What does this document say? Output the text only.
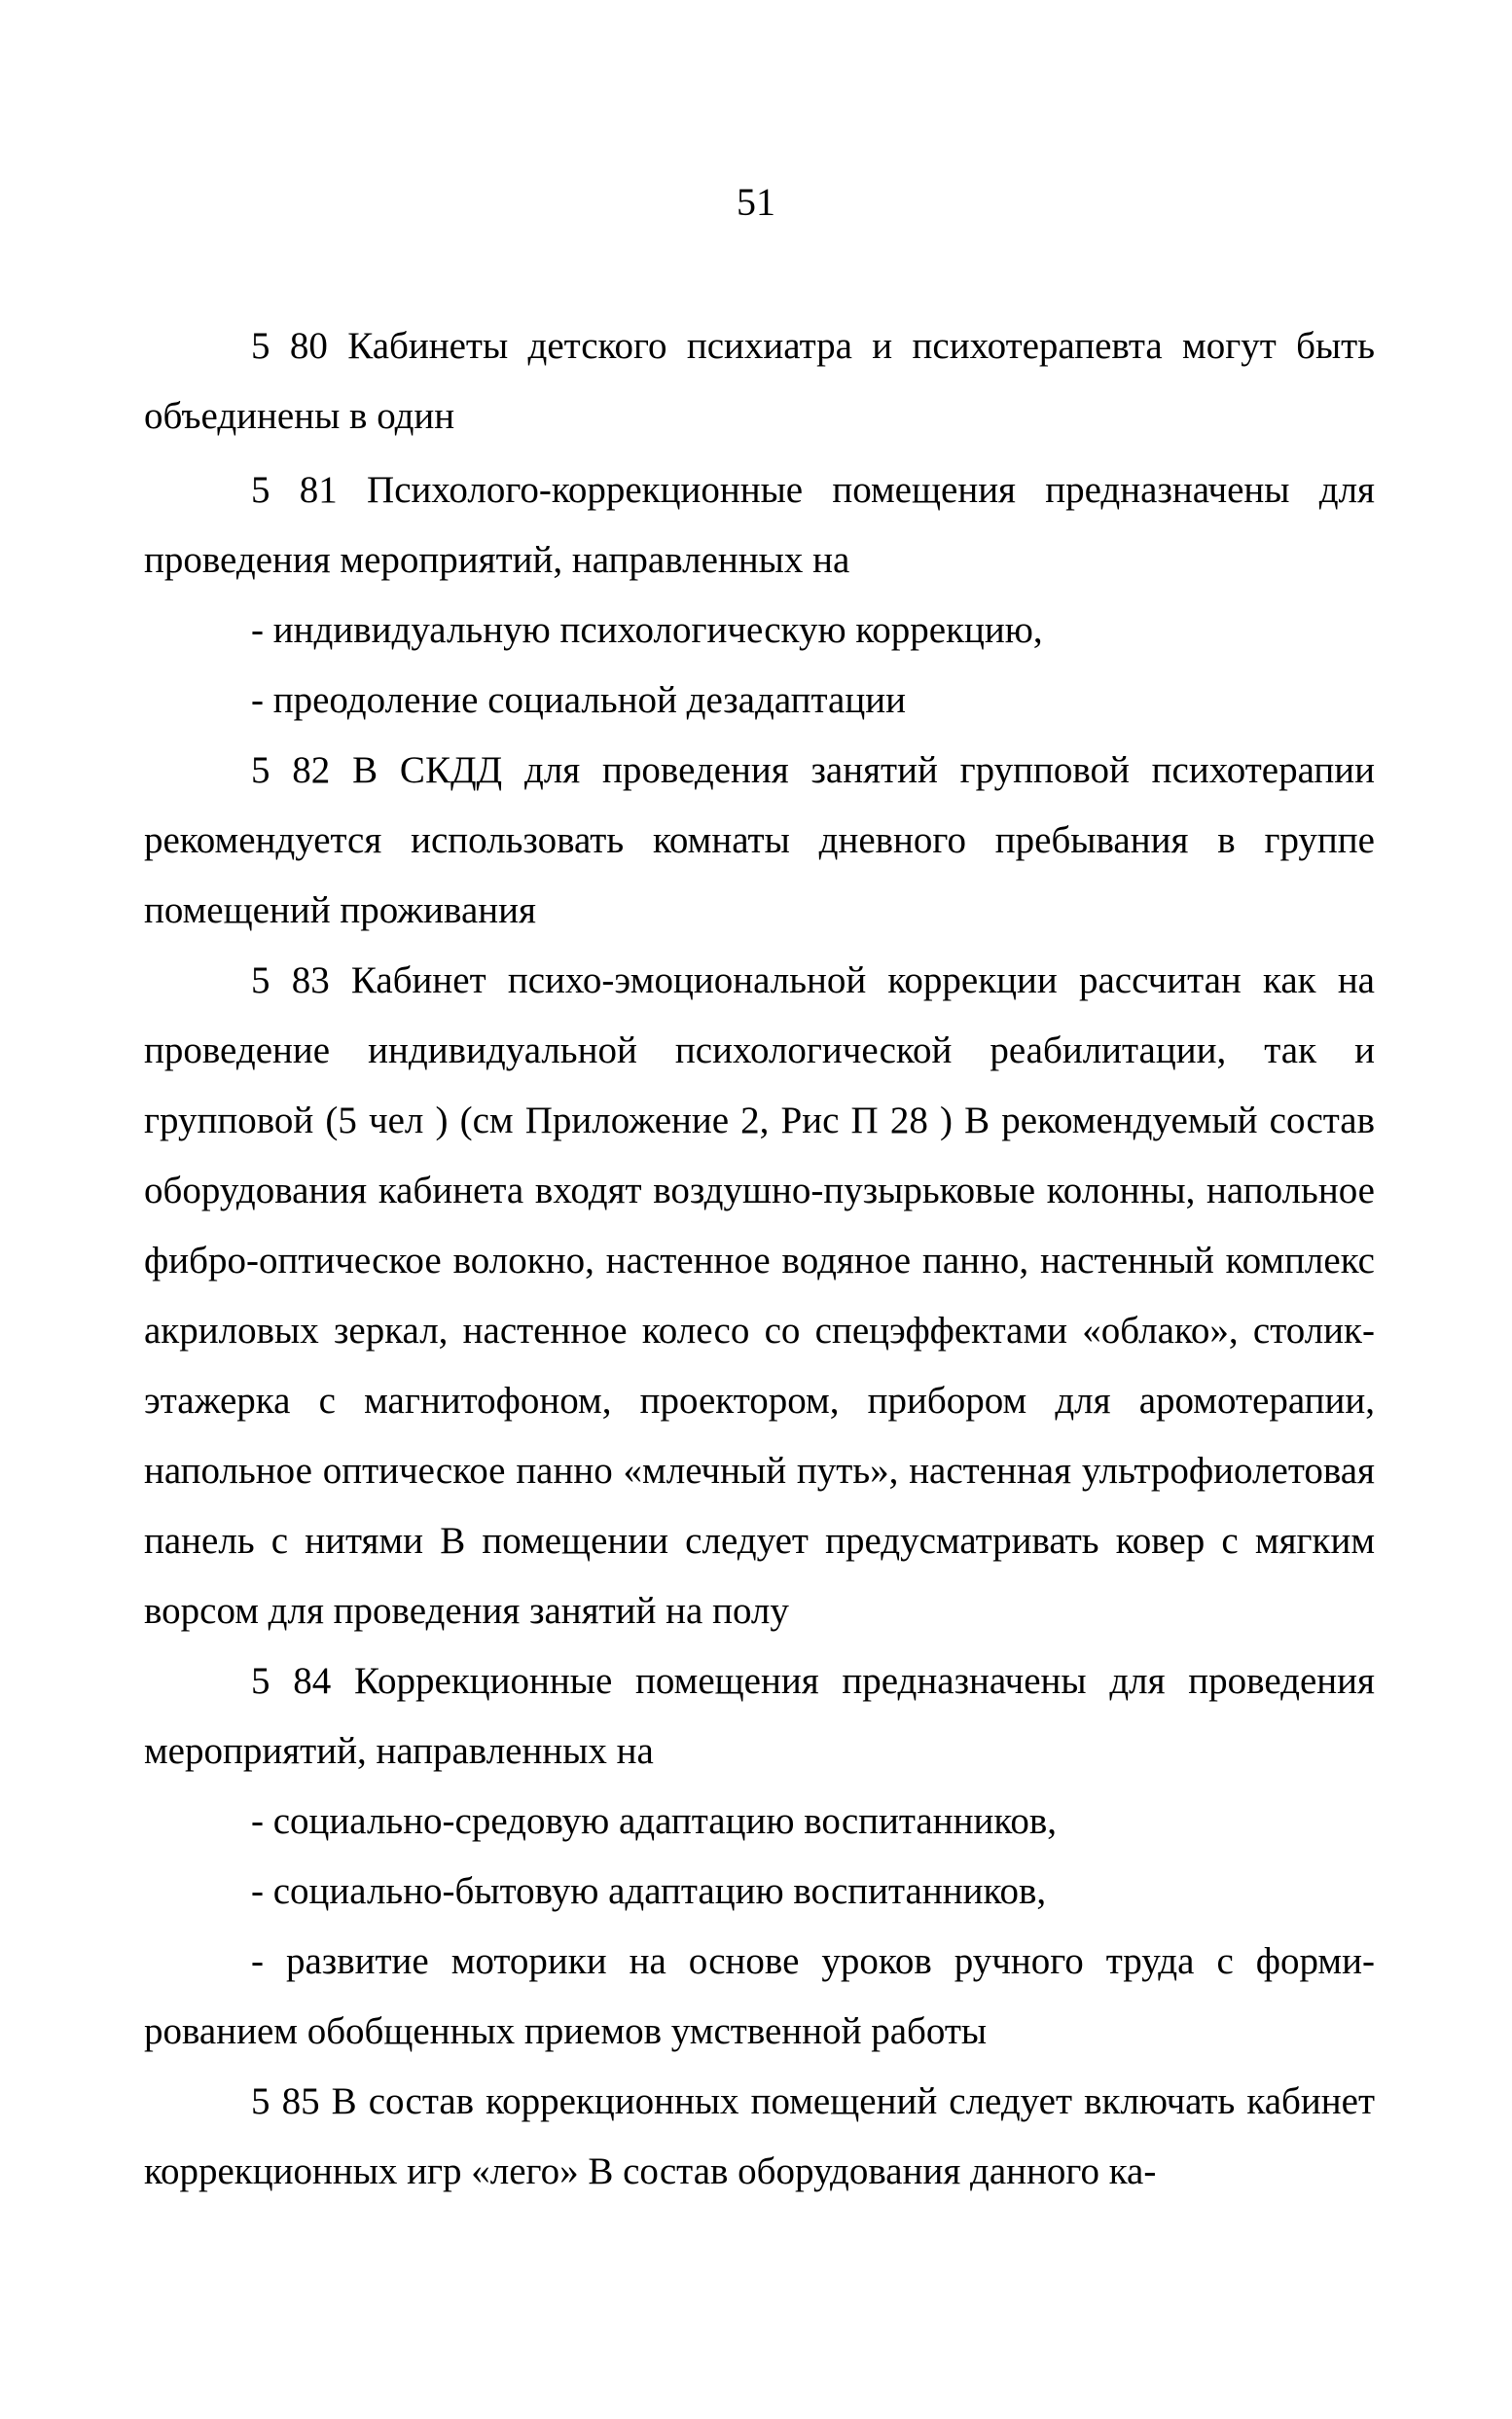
51

5 80 Кабинеты детского психиатра и психотерапевта могут быть объединены в один

5 81 Психолого-коррекционные помещения предназначены для проведения мероприятий, направленных на

- индивидуальную психологическую коррекцию,

- преодоление социальной дезадаптации

5 82 В СКДД для проведения занятий групповой психотерапии рекомендуется использовать комнаты дневного пребывания в группе помещений проживания

5 83 Кабинет психо-эмоциональной коррекции рассчитан как на проведение индивидуальной психологической реабилитации, так и групповой (5 чел ) (см Приложение 2, Рис П 28 ) В рекомендуемый состав оборудования кабинета входят воздушно-пузырьковые колонны, напольное фибро-оптическое волокно, настенное водяное панно, настенный комплекс акриловых зеркал, настенное колесо со спецэффектами «облако», столик-этажерка с магнитофоном, проектором, прибором для аромотерапии, напольное оптическое панно «млечный путь», настенная ультрофиолетовая панель с нитями В помещении следует предусматривать ковер с мягким ворсом для проведения занятий на полу

5 84 Коррекционные помещения предназначены для проведения мероприятий, направленных на

- социально-средовую адаптацию воспитанников,

- социально-бытовую адаптацию воспитанников,

- развитие моторики на основе уроков ручного труда с формированием обобщенных приемов умственной работы

5 85 В состав коррекционных помещений следует включать кабинет коррекционных игр «лего» В состав оборудования данного ка-
